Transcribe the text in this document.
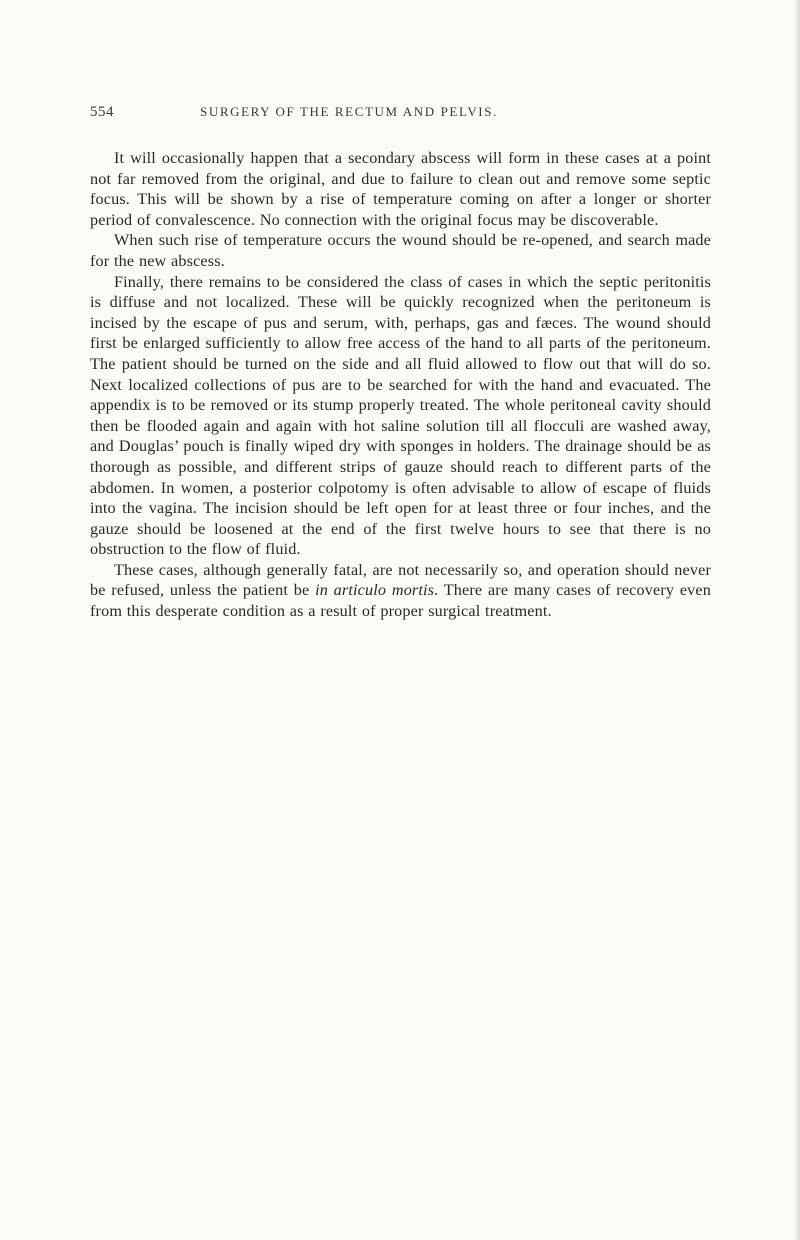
554	SURGERY OF THE RECTUM AND PELVIS.

It will occasionally happen that a secondary abscess will form in these cases at a point not far removed from the original, and due to failure to clean out and remove some septic focus. This will be shown by a rise of temperature coming on after a longer or shorter period of convalescence. No connection with the original focus may be discoverable.

When such rise of temperature occurs the wound should be re-opened, and search made for the new abscess.

Finally, there remains to be considered the class of cases in which the septic peritonitis is diffuse and not localized. These will be quickly recognized when the peritoneum is incised by the escape of pus and serum, with, perhaps, gas and fæces. The wound should first be enlarged sufficiently to allow free access of the hand to all parts of the peritoneum. The patient should be turned on the side and all fluid allowed to flow out that will do so. Next localized collections of pus are to be searched for with the hand and evacuated. The appendix is to be removed or its stump properly treated. The whole peritoneal cavity should then be flooded again and again with hot saline solution till all flocculi are washed away, and Douglas’ pouch is finally wiped dry with sponges in holders. The drainage should be as thorough as possible, and different strips of gauze should reach to different parts of the abdomen. In women, a posterior colpotomy is often advisable to allow of escape of fluids into the vagina. The incision should be left open for at least three or four inches, and the gauze should be loosened at the end of the first twelve hours to see that there is no obstruction to the flow of fluid.

These cases, although generally fatal, are not necessarily so, and operation should never be refused, unless the patient be in articulo mortis. There are many cases of recovery even from this desperate condition as a result of proper surgical treatment.
